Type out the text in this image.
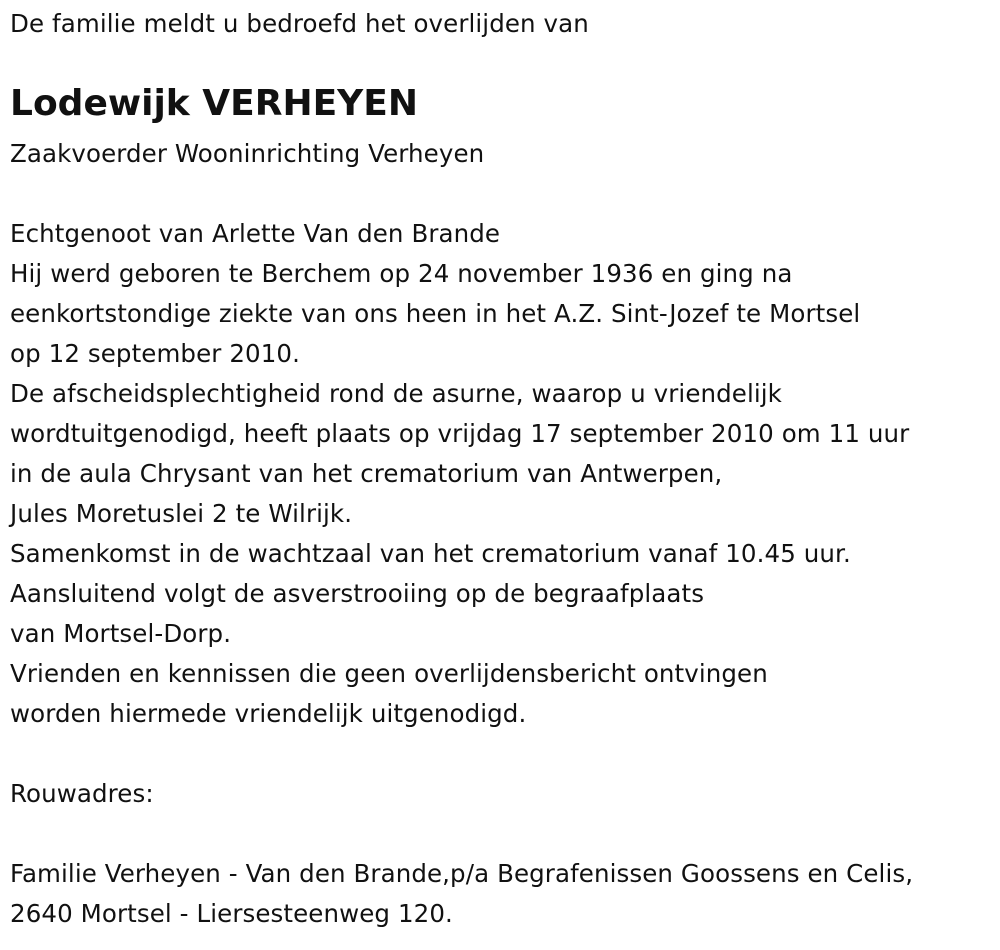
De familie meldt u bedroefd het overlijden van
Lodewijk VERHEYEN
Zaakvoerder Wooninrichting Verheyen
Echtgenoot van Arlette Van den Brande
Hij werd geboren te Berchem op 24 november 1936 en ging na
eenkortstondige ziekte van ons heen in het A.Z. Sint-Jozef te Mortsel
op 12 september 2010.
De afscheidsplechtigheid rond de asurne, waarop u vriendelijk
wordtuitgenodigd, heeft plaats op vrijdag 17 september 2010 om 11 uur
in de aula Chrysant van het crematorium van Antwerpen,
Jules Moretuslei 2 te Wilrijk.
Samenkomst in de wachtzaal van het crematorium vanaf 10.45 uur.
Aansluitend volgt de asverstrooiing op de begraafplaats
van Mortsel-Dorp.
Vrienden en kennissen die geen overlijdensbericht ontvingen
worden hiermede vriendelijk uitgenodigd.
Rouwadres:
Familie Verheyen - Van den Brande,p/a Begrafenissen Goossens en Celis,
2640 Mortsel - Liersesteenweg 120.
